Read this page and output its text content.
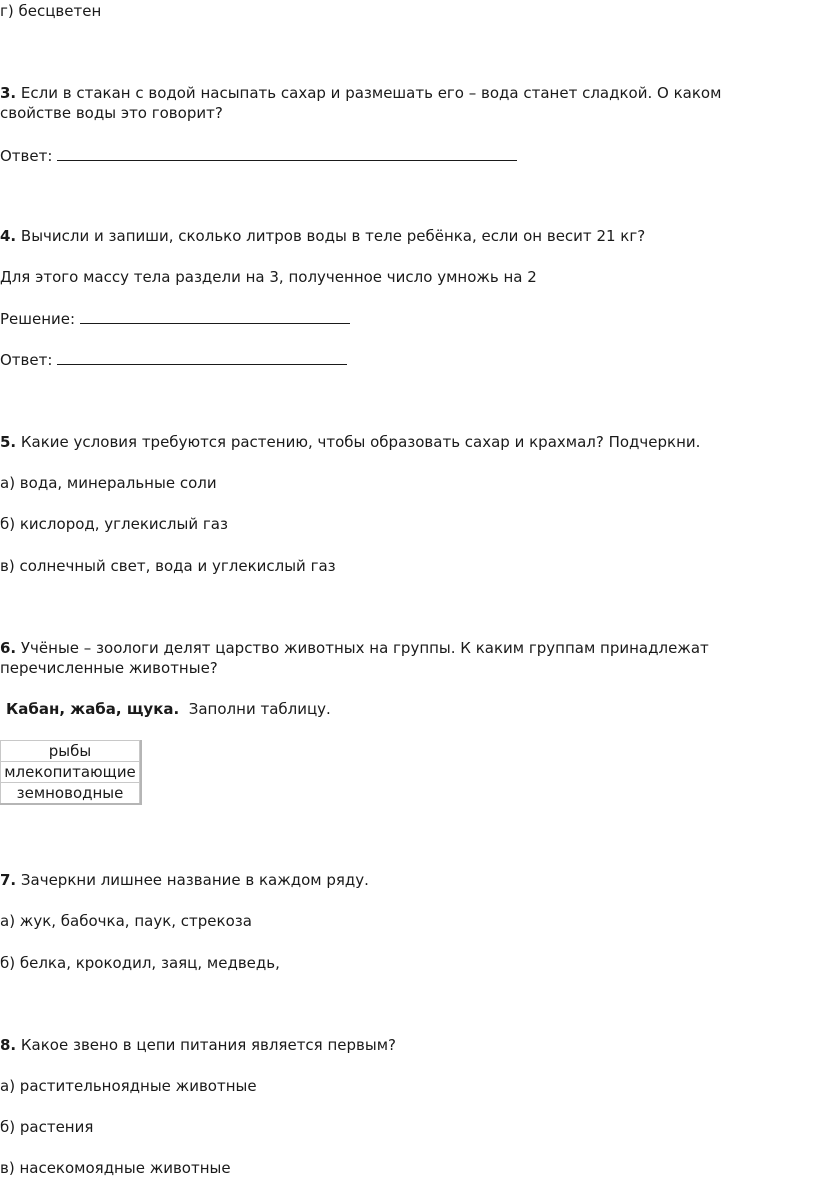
г) бесцветен

3. Если в стакан с водой насыпать сахар и размешать его – вода станет сладкой. О каком

свойстве воды это говорит?

Ответ:

4. Вычисли и запиши, сколько литров воды в теле ребёнка, если он весит 21 кг?

Для этого массу тела раздели на 3, полученное число умножь на 2

Решение:

Ответ:

5. Какие условия требуются растению, чтобы образовать сахар и крахмал? Подчеркни.

а) вода, минеральные соли

б) кислород, углекислый газ

в) солнечный свет, вода и углекислый газ

6. Учёные – зоологи делят царство животных на группы. К каким группам принадлежат

перечисленные животные?

Кабан, жаба, щука. Заполни таблицу.

рыбы	
млекопитающие	
земноводные	

7. Зачеркни лишнее название в каждом ряду.

а) жук, бабочка, паук, стрекоза

б) белка, крокодил, заяц, медведь,

8. Какое звено в цепи питания является первым?

а) растительноядные животные

б) растения

в) насекомоядные животные
